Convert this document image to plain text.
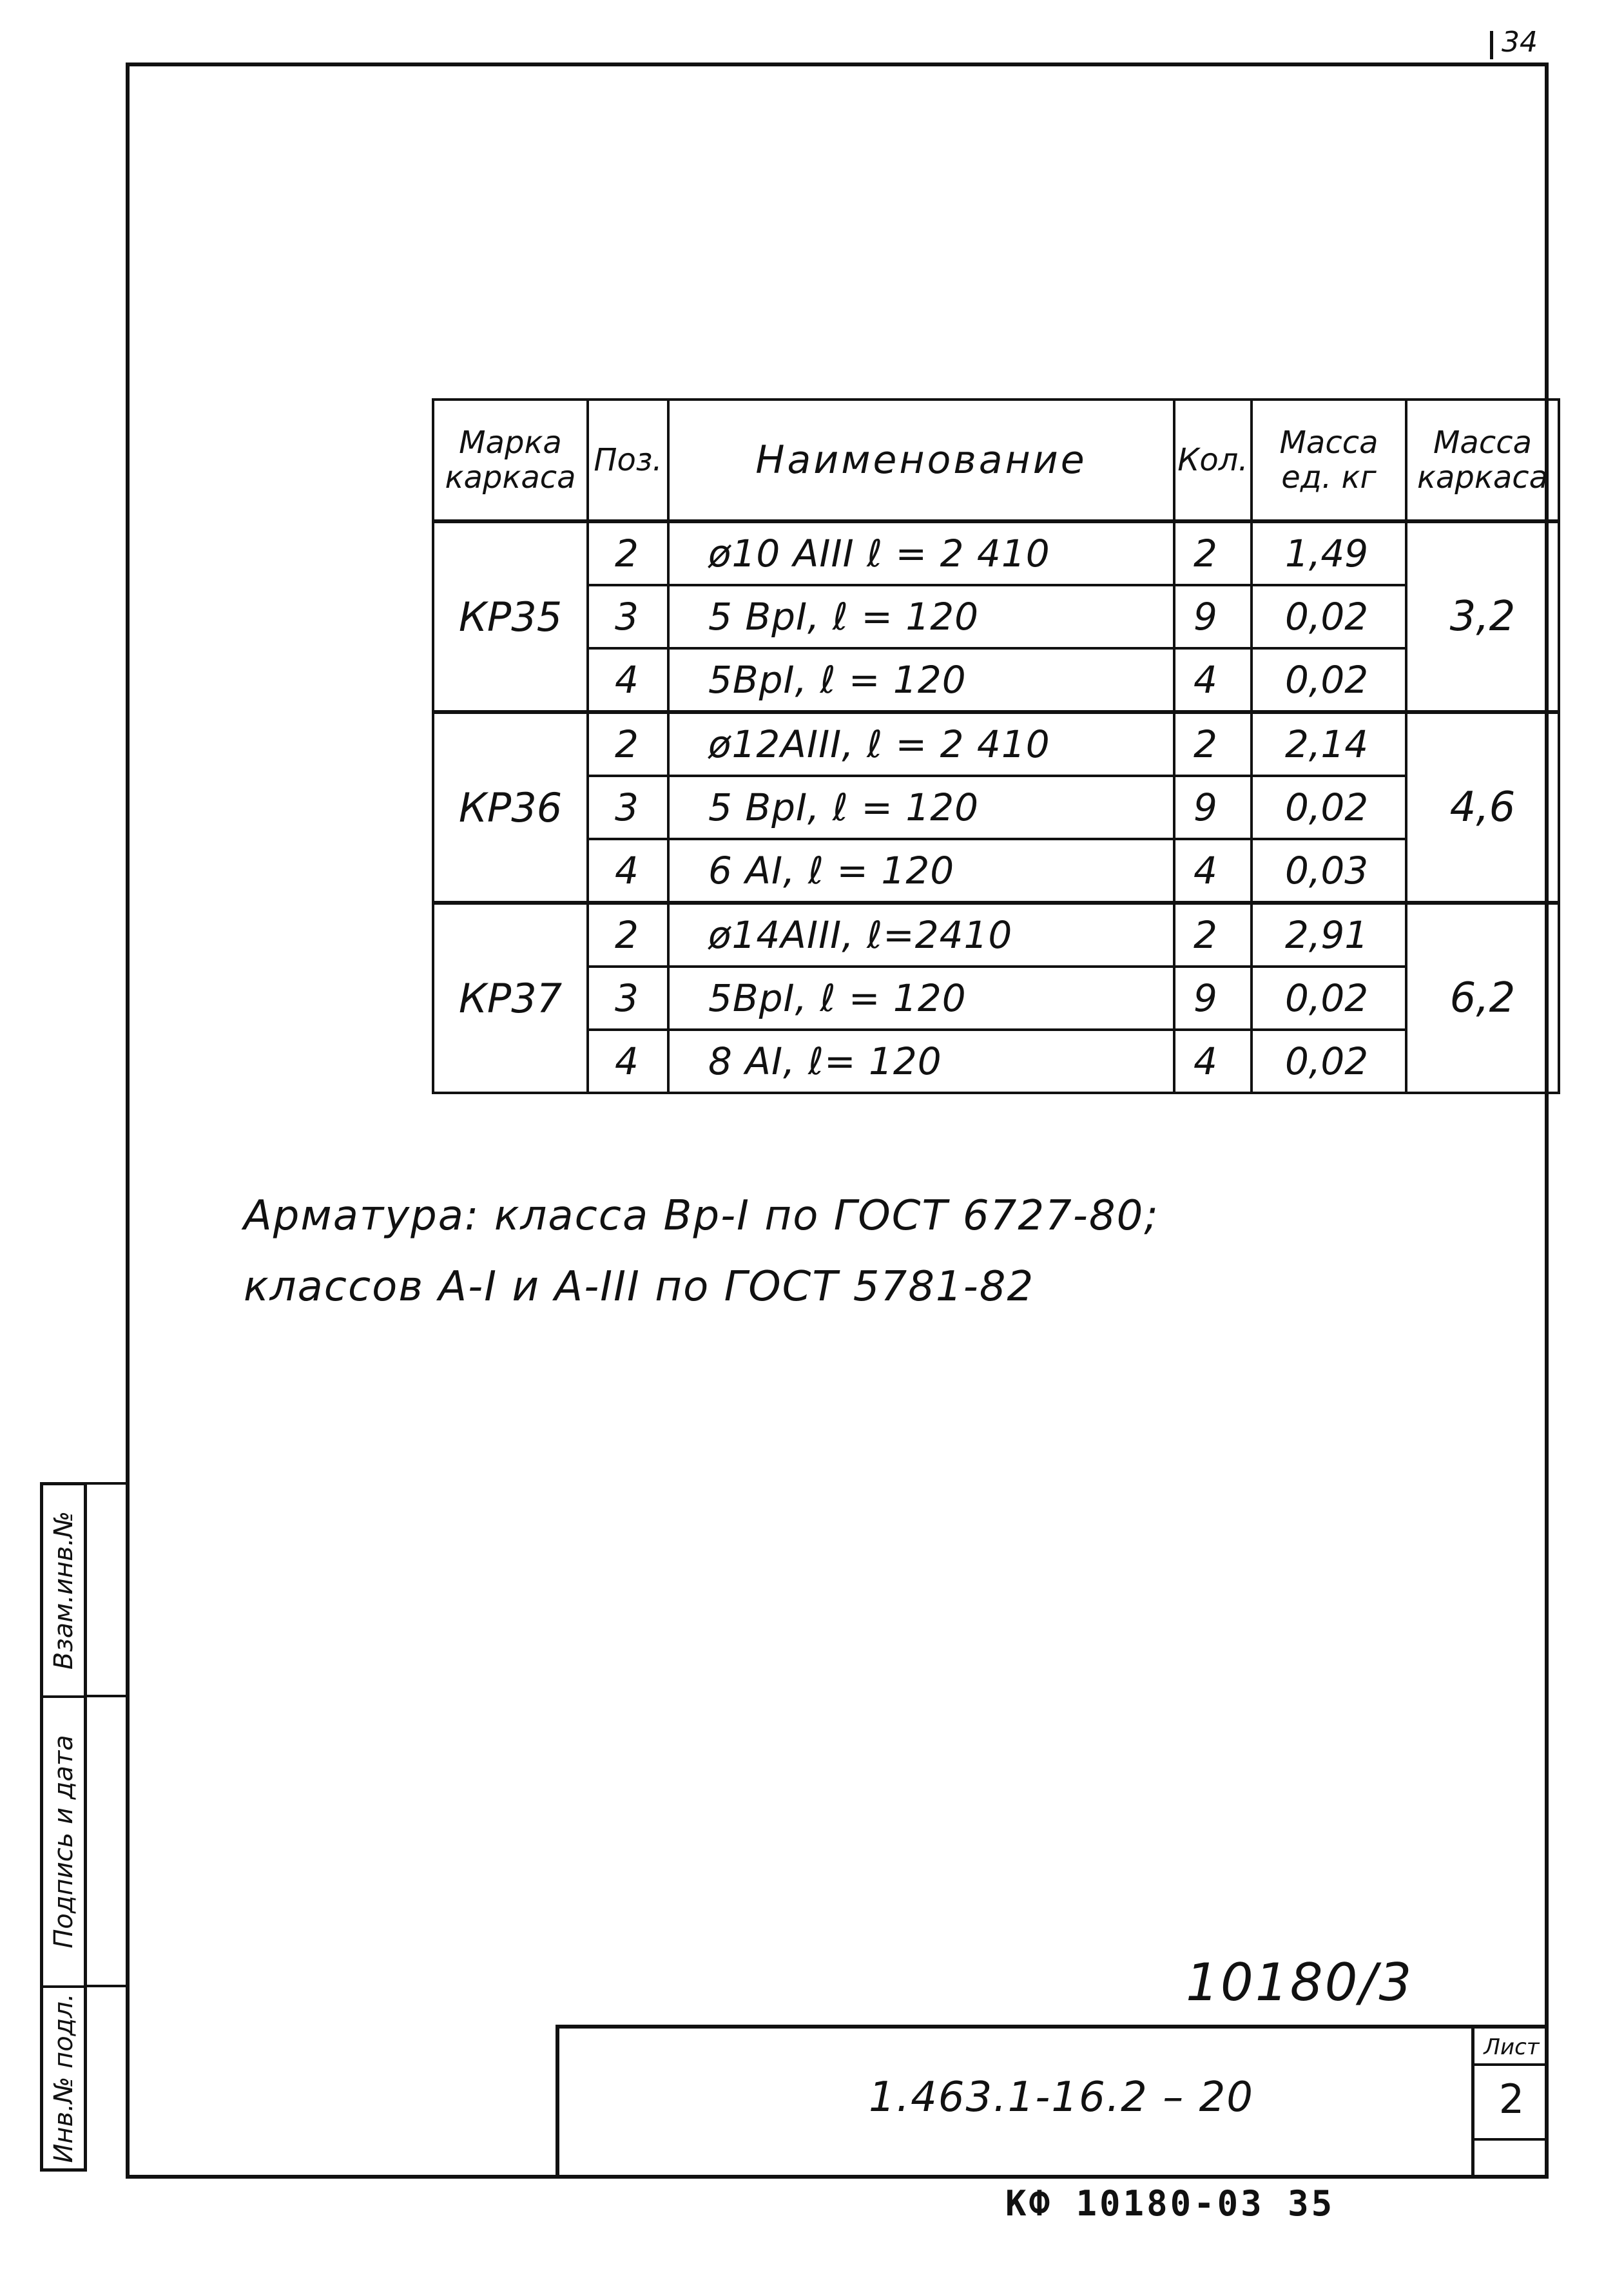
34
Марка каркаса	Поз.	Наименование	Кол.	Масса ед. кг	Масса каркаса
КР35	2	ø10 АIII ℓ = 2 410	2	1,49	3,2
	3	5 ВрI, ℓ = 120	9	0,02	
	4	5ВрI, ℓ = 120	4	0,02	
КР36	2	ø12АIII, ℓ = 2 410	2	2,14	4,6
	3	5 ВрI, ℓ = 120	9	0,02	
	4	6 АI, ℓ = 120	4	0,03	
КР37	2	ø14АIII, ℓ=2410	2	2,91	6,2
	3	5ВрI, ℓ = 120	9	0,02	
	4	8 АI, ℓ= 120	4	0,02	
Арматура: класса Вр-I по ГОСТ 6727-80;
классов А-I и А-III по ГОСТ 5781-82
Взам.инв.№
Подпись и дата
Инв.№ подл.
10180/3
1.463.1-16.2 – 20
Лист
2
КФ 10180-03 35
